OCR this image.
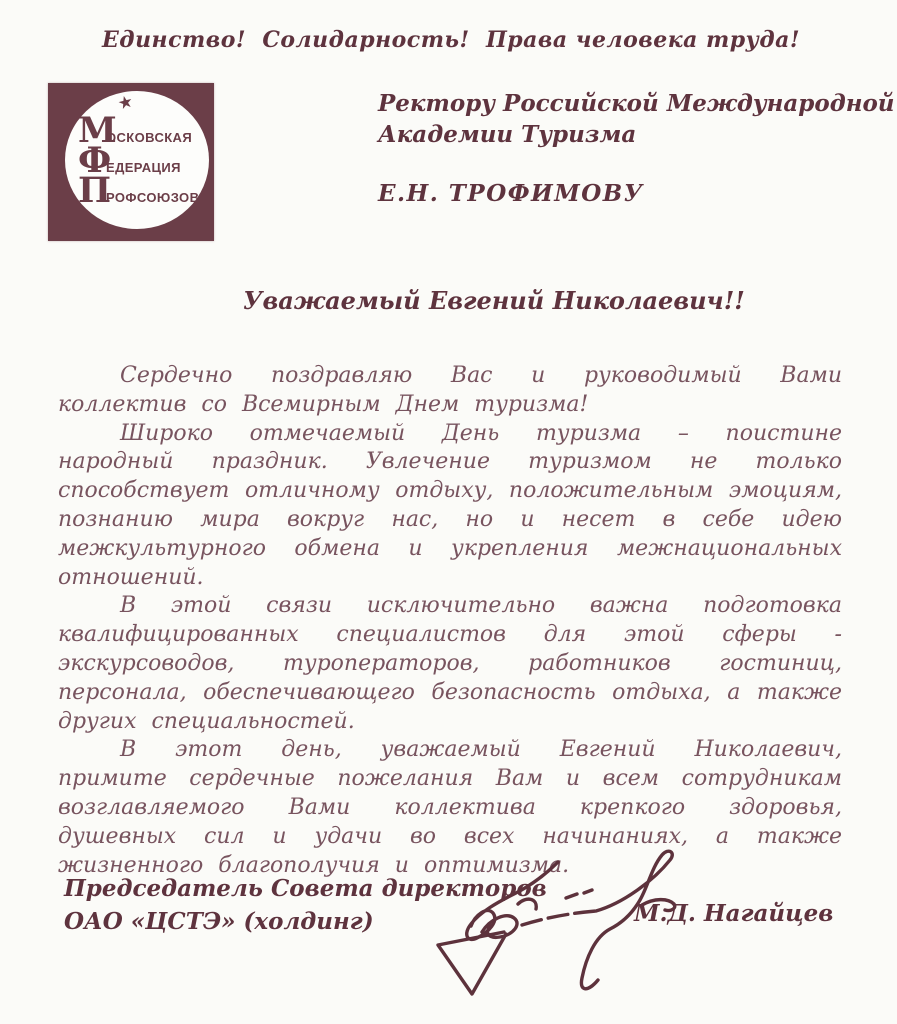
Единство!  Солидарность!  Права человека труда!
★
М
ОСКОВСКАЯ
Ф
ЕДЕРАЦИЯ
П
РОФСОЮЗОВ
Ректору Российской Международной
Академии Туризма
Е.Н. ТРОФИМОВУ
Уважаемый Евгений Николаевич!!

Сердечно поздравляю Вас и руководимый Вами коллектив со Всемирным Днем туризма!

Широко отмечаемый День туризма – поистине народный праздник. Увлечение туризмом не только способствует отличному отдыху, положительным эмоциям, познанию мира вокруг нас, но и несет в себе идею межкультурного обмена и укрепления межнациональных отношений.

В этой связи исключительно важна подготовка квалифицированных специалистов для этой сферы - экскурсоводов, туроператоров, работников гостиниц, персонала, обеспечивающего безопасность отдыха, а также других специальностей.

В этот день, уважаемый Евгений Николаевич, примите сердечные пожелания Вам и всем сотрудникам возглавляемого Вами коллектива крепкого здоровья, душевных сил и удачи во всех начинаниях, а также жизненного благополучия и оптимизма.

Председатель Совета директоров
ОАО «ЦСТЭ» (холдинг)	М.Д. Нагайцев
